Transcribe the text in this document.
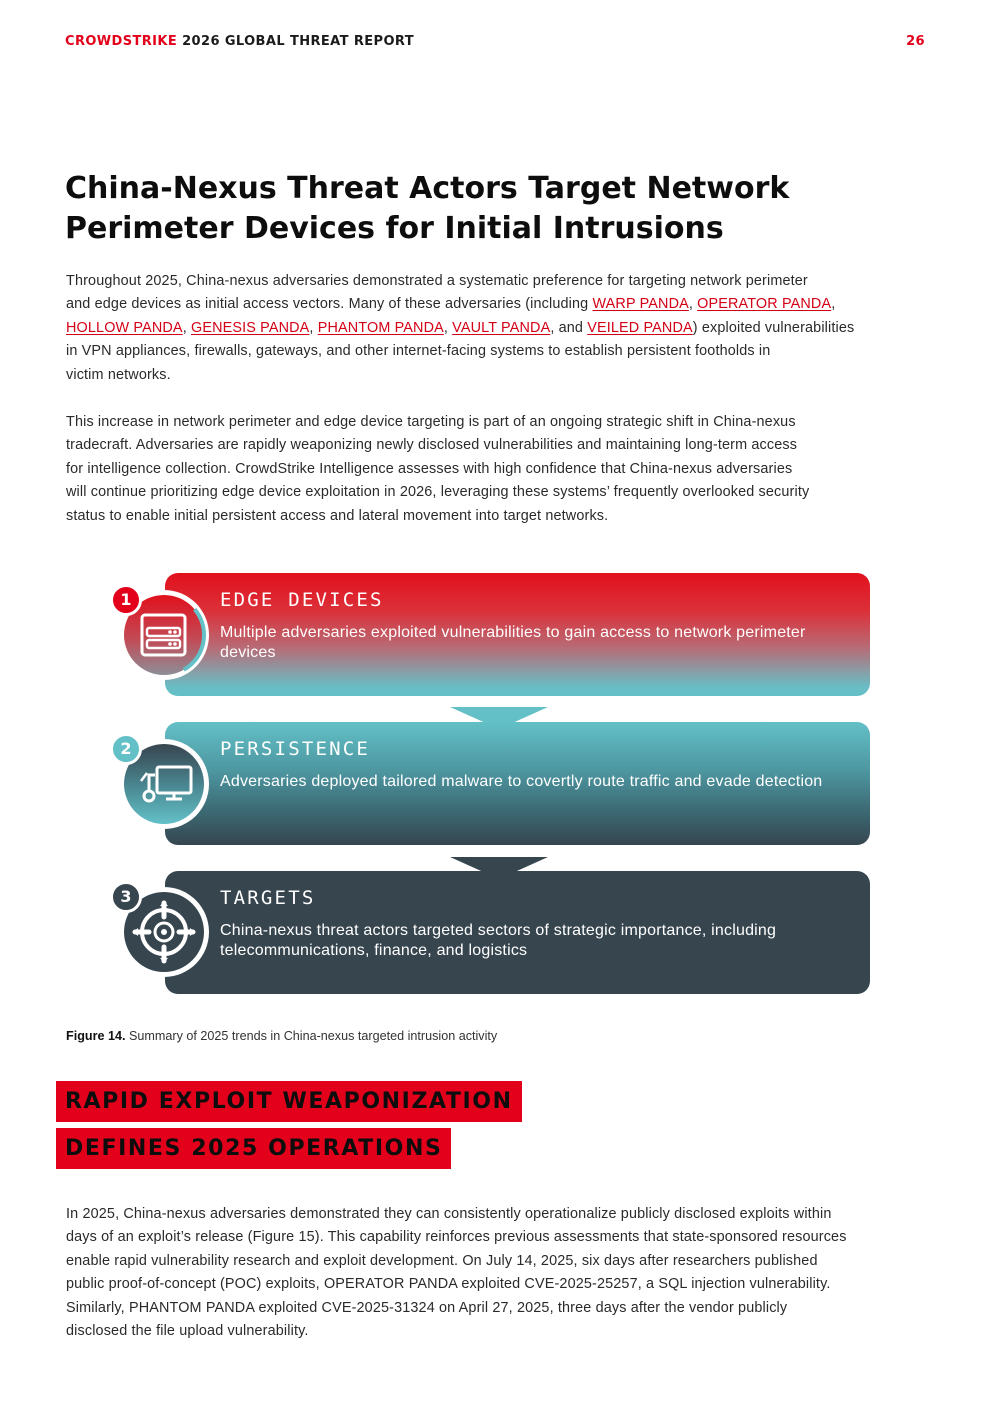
CROWDSTRIKE 2026 GLOBAL THREAT REPORT	26
China-Nexus Threat Actors Target Network
Perimeter Devices for Initial Intrusions
Throughout 2025, China-nexus adversaries demonstrated a systematic preference for targeting network perimeter
and edge devices as initial access vectors. Many of these adversaries (including WARP PANDA, OPERATOR PANDA,
HOLLOW PANDA, GENESIS PANDA, PHANTOM PANDA, VAULT PANDA, and VEILED PANDA) exploited vulnerabilities
in VPN appliances, firewalls, gateways, and other internet-facing systems to establish persistent footholds in
victim networks.
This increase in network perimeter and edge device targeting is part of an ongoing strategic shift in China-nexus
tradecraft. Adversaries are rapidly weaponizing newly disclosed vulnerabilities and maintaining long-term access
for intelligence collection. CrowdStrike Intelligence assesses with high confidence that China-nexus adversaries
will continue prioritizing edge device exploitation in 2026, leveraging these systems’ frequently overlooked security
status to enable initial persistent access and lateral movement into target networks.
EDGE DEVICES
Multiple adversaries exploited vulnerabilities to gain access to network perimeter devices
PERSISTENCE
Adversaries deployed tailored malware to covertly route traffic and evade detection
TARGETS
China-nexus threat actors targeted sectors of strategic importance, including telecommunications, finance, and logistics
1
2
3
Figure 14. Summary of 2025 trends in China-nexus targeted intrusion activity
RAPID EXPLOIT WEAPONIZATION
DEFINES 2025 OPERATIONS
In 2025, China-nexus adversaries demonstrated they can consistently operationalize publicly disclosed exploits within
days of an exploit’s release (Figure 15). This capability reinforces previous assessments that state-sponsored resources
enable rapid vulnerability research and exploit development. On July 14, 2025, six days after researchers published
public proof-of-concept (POC) exploits, OPERATOR PANDA exploited CVE-2025-25257, a SQL injection vulnerability.
Similarly, PHANTOM PANDA exploited CVE-2025-31324 on April 27, 2025, three days after the vendor publicly
disclosed the file upload vulnerability.
